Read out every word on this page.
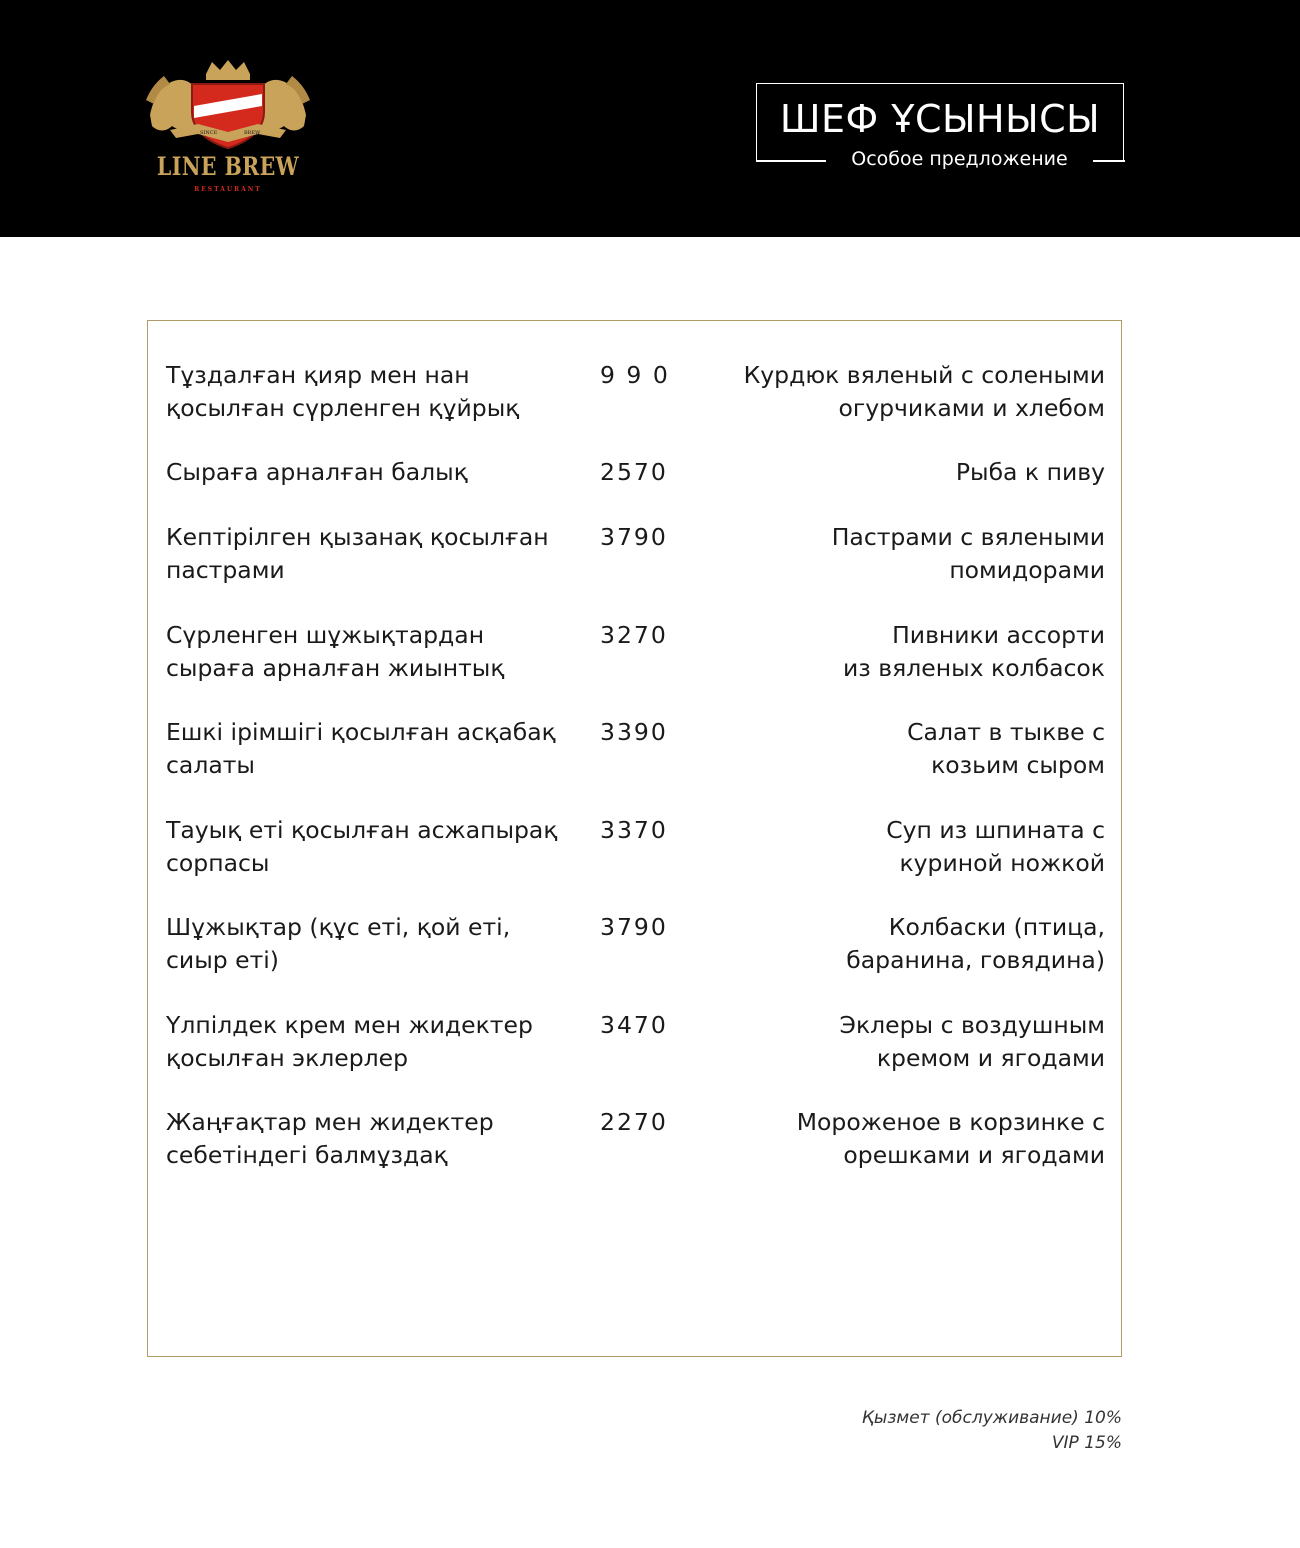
SINCE	BREW
LINE BREW
RESTAURANT
ШЕФ ҰСЫНЫСЫ
Особое предложение
Тұздалған қияр мен нан
қосылған сүрленген құйрық
9 9 0	Курдюк вяленый с солеными
огурчиками и хлебом
Сыраға арналған балық	2570	Рыба к пиву
Кептірілген қызанақ қосылған
пастрами
3790	Пастрами с вялеными
помидорами
Сүрленген шұжықтардан
сыраға арналған жиынтық
3270	Пивники ассорти
из вяленых колбасок
Ешкі ірімшігі қосылған асқабақ
салаты
3390	Салат в тыкве с
козьим сыром
Тауық еті қосылған асжапырақ
сорпасы
3370	Суп из шпината с
куриной ножкой
Шұжықтар (құс еті, қой еті,
сиыр еті)
3790	Колбаски (птица,
баранина, говядина)
Үлпілдек крем мен жидектер
қосылған эклерлер
3470	Эклеры с воздушным
кремом и ягодами
Жаңғақтар мен жидектер
себетіндегі балмұздақ
2270	Мороженое в корзинке с
орешками и ягодами
Қызмет (обслуживание) 10%
VIP 15%
